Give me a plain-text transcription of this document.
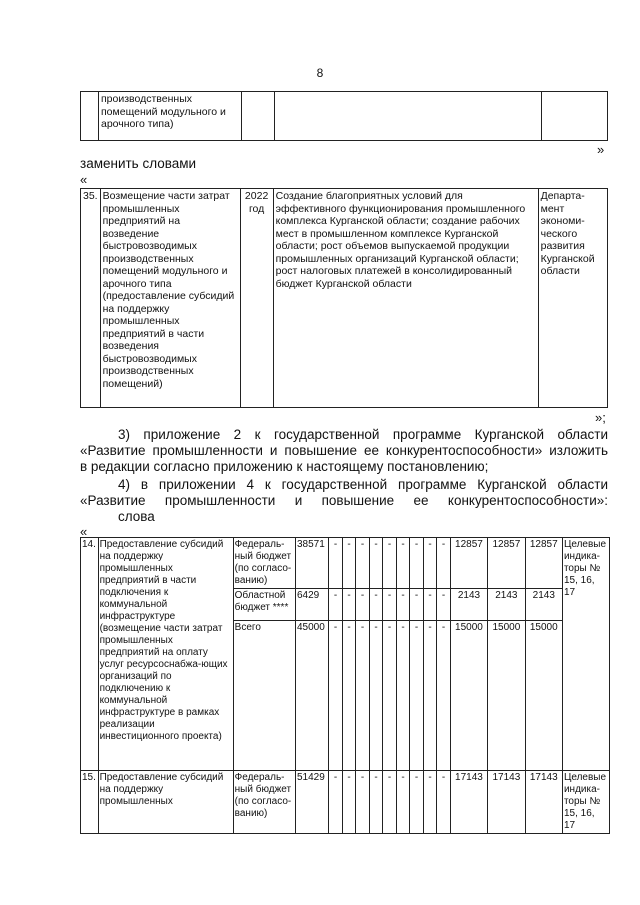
8
	производственных помещений модульного и арочного типа)			
»
заменить словами
«
35.	Возмещение части затрат промышленных предприятий на возведение быстровозводимых производственных помещений модульного и арочного типа (предоставление субсидий на поддержку промышленных предприятий в части возведения быстровозводимых производственных помещений)	2022 год	Создание благоприятных условий для эффективного функционирования промышленного комплекса Курганской области; создание рабочих мест в промышленном комплексе Курганской области; рост объемов выпускаемой продукции промышленных организаций Курганской области; рост налоговых платежей в консолидированный бюджет Курганской области	Департа-мент экономи-ческого развития Курганской области
»;
3) приложение 2 к государственной программе Курганской области
«Развитие промышленности и повышение ее конкурентоспособности» изложить
в редакции согласно приложению к настоящему постановлению;
4) в приложении 4 к государственной программе Курганской области
«Развитие промышленности и повышение ее конкурентоспособности»:
слова
«
14.	Предоставление субсидий на поддержку промышленных предприятий в части подключения к коммунальной инфраструктуре (возмещение части затрат промышленных предприятий на оплату услуг ресурсоснабжа-ющих организаций по подключению к коммунальной инфраструктуре в рамках реализации инвестиционного проекта)	Федераль-ный бюджет (по согласо-ванию)	38571	-	-	-	-	-	-	-	-	-	12857	12857	12857	Целевые индика-торы № 15, 16, 17
		Областной бюджет ****	6429	-	-	-	-	-	-	-	-	-	2143	2143	2143	
		Всего	45000	-	-	-	-	-	-	-	-	-	15000	15000	15000	
15.	Предоставление субсидий на поддержку промышленных	Федераль-ный бюджет (по согласо-ванию)	51429	-	-	-	-	-	-	-	-	-	17143	17143	17143	Целевые индика-торы № 15, 16, 17
